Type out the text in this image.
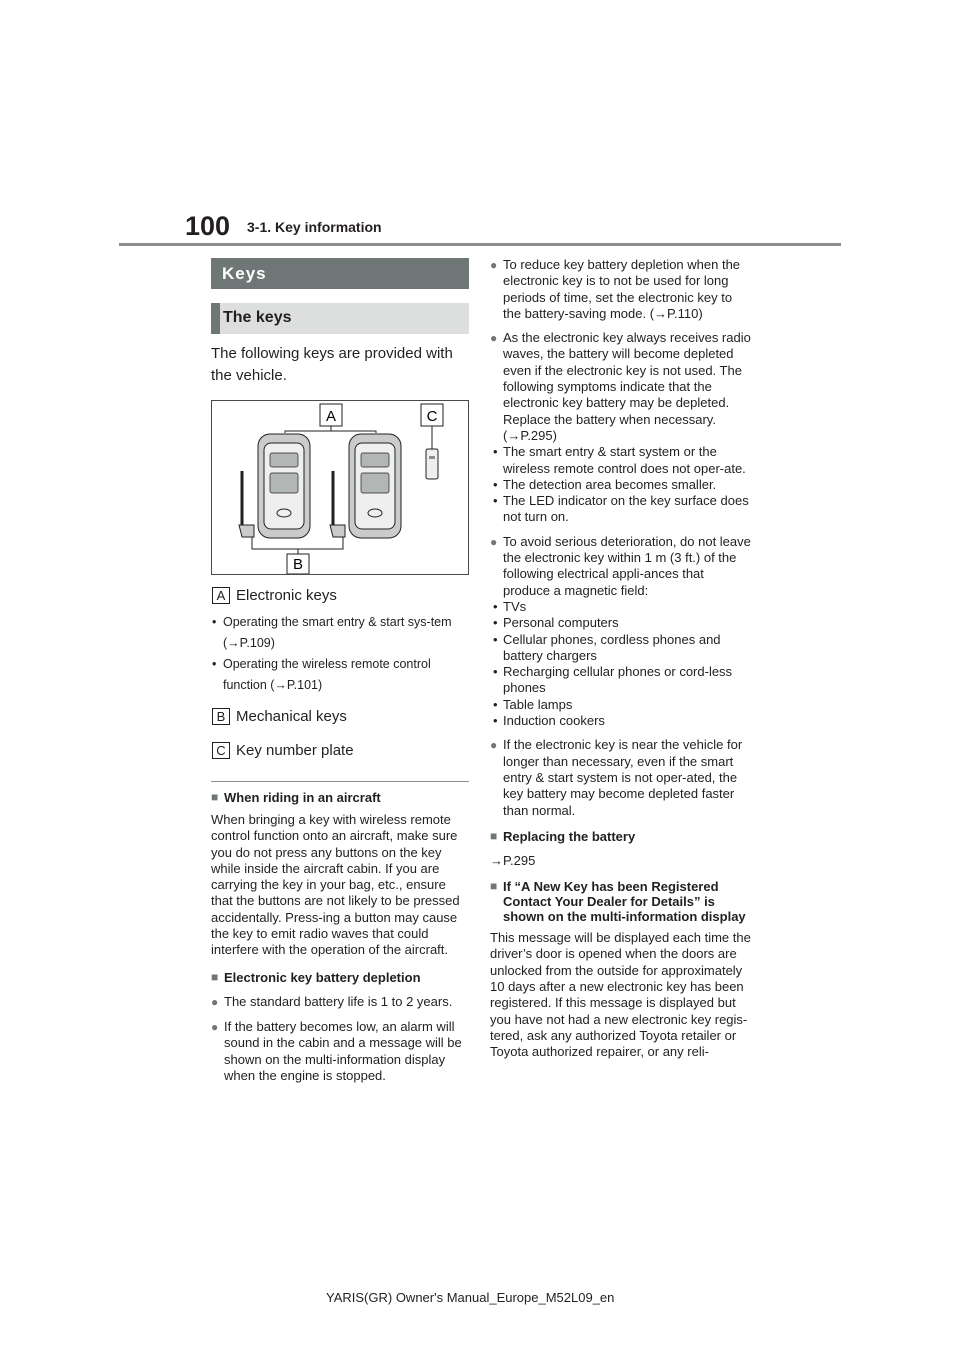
100 3-1. Key information
Keys
The keys
The following keys are provided with the vehicle.
A	C
B
A Electronic keys
• Operating the smart entry & start sys-tem (→P.109)
• Operating the wireless remote control function (→P.101)
B Mechanical keys
C Key number plate
■ When riding in an aircraft
When bringing a key with wireless remote control function onto an aircraft, make sure you do not press any buttons on the key while inside the aircraft cabin. If you are carrying the key in your bag, etc., ensure that the buttons are not likely to be pressed accidentally. Press-ing a button may cause the key to emit radio waves that could interfere with the operation of the aircraft.
■ Electronic key battery depletion
● The standard battery life is 1 to 2 years.
● If the battery becomes low, an alarm will sound in the cabin and a message will be shown on the multi-information display when the engine is stopped.
● To reduce key battery depletion when the electronic key is to not be used for long periods of time, set the electronic key to the battery-saving mode. (→P.110)
● As the electronic key always receives radio waves, the battery will become depleted even if the electronic key is not used. The following symptoms indicate that the electronic key battery may be depleted. Replace the battery when necessary. (→P.295)
• The smart entry & start system or the wireless remote control does not oper-ate.
• The detection area becomes smaller.
• The LED indicator on the key surface does not turn on.
● To avoid serious deterioration, do not leave the electronic key within 1 m (3 ft.) of the following electrical appli-ances that produce a magnetic field:
• TVs
• Personal computers
• Cellular phones, cordless phones and battery chargers
• Recharging cellular phones or cord-less phones
• Table lamps
• Induction cookers
● If the electronic key is near the vehicle for longer than necessary, even if the smart entry & start system is not oper-ated, the key battery may become depleted faster than normal.
■ Replacing the battery
→P.295
■ If “A New Key has been Registered Contact Your Dealer for Details” is shown on the multi-information display
This message will be displayed each time the driver’s door is opened when the doors are unlocked from the outside for approximately 10 days after a new electronic key has been registered. If this message is displayed but you have not had a new electronic key regis-tered, ask any authorized Toyota retailer or Toyota authorized repairer, or any reli-
YARIS(GR) Owner's Manual_Europe_M52L09_en
